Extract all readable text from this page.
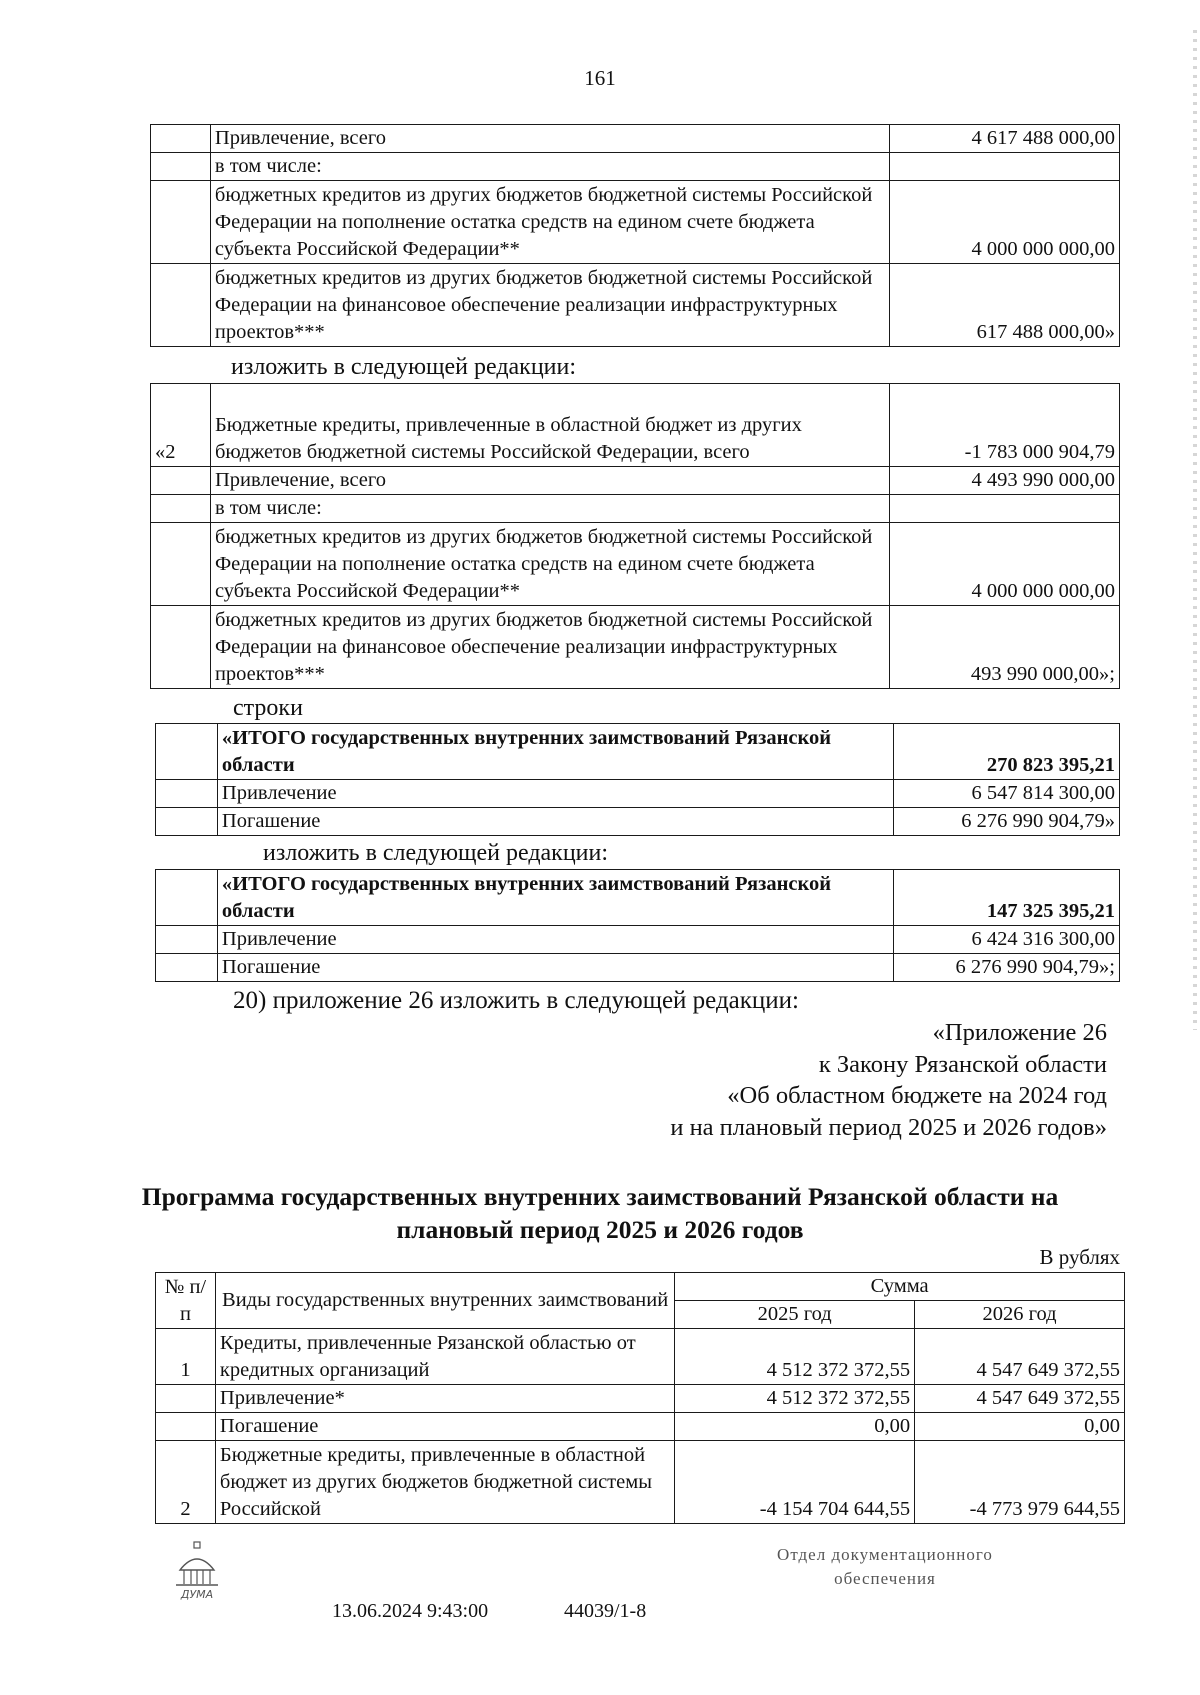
161
	Привлечение, всего	4 617 488 000,00
	в том числе:	
	бюджетных кредитов из других бюджетов бюджетной системы Российской Федерации на пополнение остатка средств на едином счете бюджета субъекта Российской Федерации**	4 000 000 000,00
	бюджетных кредитов из других бюджетов бюджетной системы Российской Федерации на финансовое обеспечение реализации инфраструктурных проектов***	617 488 000,00»
изложить в следующей редакции:
«2	Бюджетные кредиты, привлеченные в областной бюджет из других бюджетов бюджетной системы Российской Федерации, всего	-1 783 000 904,79
	Привлечение, всего	4 493 990 000,00
	в том числе:	
	бюджетных кредитов из других бюджетов бюджетной системы Российской Федерации на пополнение остатка средств на едином счете бюджета субъекта Российской Федерации**	4 000 000 000,00
	бюджетных кредитов из других бюджетов бюджетной системы Российской Федерации на финансовое обеспечение реализации инфраструктурных проектов***	493 990 000,00»;
строки
	«ИТОГО государственных внутренних заимствований Рязанской области	270 823 395,21
	Привлечение	6 547 814 300,00
	Погашение	6 276 990 904,79»
изложить в следующей редакции:
	«ИТОГО государственных внутренних заимствований Рязанской области	147 325 395,21
	Привлечение	6 424 316 300,00
	Погашение	6 276 990 904,79»;
20) приложение 26 изложить в следующей редакции:
«Приложение 26
к Закону Рязанской области
«Об областном бюджете на 2024 год
и на плановый период 2025 и 2026 годов»
Программа государственных внутренних заимствований Рязанской области на плановый период 2025 и 2026 годов
В рублях
№ п/п	Виды государственных внутренних заимствований	Сумма	
		2025 год	2026 год
1	Кредиты, привлеченные Рязанской областью от кредитных организаций	4 512 372 372,55	4 547 649 372,55
	Привлечение*	4 512 372 372,55	4 547 649 372,55
	Погашение	0,00	0,00
2	Бюджетные кредиты, привлеченные в областной бюджет из других бюджетов бюджетной системы Российской	-4 154 704 644,55	-4 773 979 644,55
ДУМА
13.06.2024 9:43:00	44039/1-8
Отдел документационного
обеспечения
